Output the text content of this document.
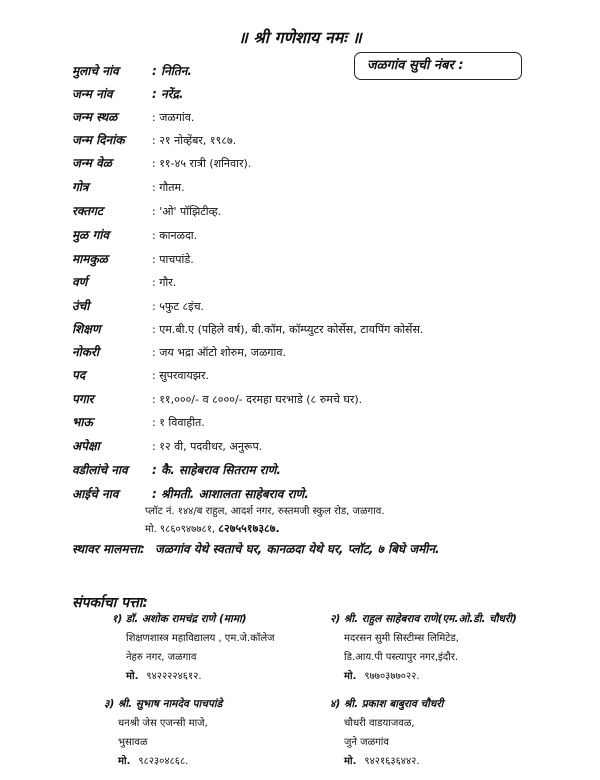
॥ श्री गणेशाय नमः ॥
जळगांव सुची नंबर :
मुलाचे नांव	: नितिन.
जन्म नांव	: नरेंद्र.
जन्म स्थळ	: जळगांव.
जन्म दिनांक : २१ नोव्हेंबर, १९८७.
जन्म वेळ	: ११-४५ रात्री (शनिवार).
गोत्र	: गौतम.
रक्तगट	: 'ओ' पॉझिटीव्ह.
मुळ गांव	: कानळदा.
मामकुळ	: पाचपांडे.
वर्ण	: गौर.
उंची	: ५फुट ८इंच.
शिक्षण	: एम.बी.ए (पहिले वर्ष), बी.कॉम, कॉम्प्युटर कोर्सेस, टायपिंग कोर्सेस.
नोकरी	: जय भद्रा ऑटो शोरुम, जळगाव.
पद	: सुपरवायझर.
पगार	: ११,०००/- व ८०००/- दरमहा घरभाडे (८ रुमचे घर).
भाऊ	: १ विवाहीत.
अपेक्षा	: १२ वी, पदवीधर, अनुरूप.
वडीलांचे नाव : कै. साहेबराव सितराम राणे.
आईचे नाव	: श्रीमती. आशालता साहेबराव राणे.
प्लॉट नं. १४४/ब राहुल, आदर्श नगर, रुस्तमजी स्कुल रोड, जळगाव.
मो. ९८६०९४७७८१, ८२७५५१७३८७.
स्थावर मालमत्ता: जळगांव येथे स्वताचे घर, कानळदा येथे घर, प्लॉट, ७ बिघे जमीन.
संपर्काचा पत्ता:
१) डॉ. अशोक रामचंद्र राणे (मामा)
शिक्षणशास्त्र महाविद्यालय , एम.जे.कॉलेज
नेहरु नगर, जळगाव
मो. ९४२२२२४६१२.
२) श्री. राहुल साहेबराव राणे(एम.ओ.डी. चौधरी)
मदरसन सुमी सिस्टीम्स लिमिटेड,
डि.आय.पी पस्त्यापुर नगर,इंदौर.
मो. ९७७०३७७०२२.
३) श्री. सुभाष नामदेव पाचपांडे
धनश्री जेस एजन्सी माजे,
भुसावळ
मो. ९८२३०४८६८.
४) श्री. प्रकाश बाबुराव चौधरी
चौधरी वाडयाजवळ,
जुने जळगांव
मो. ९४२१६३६४४२.
